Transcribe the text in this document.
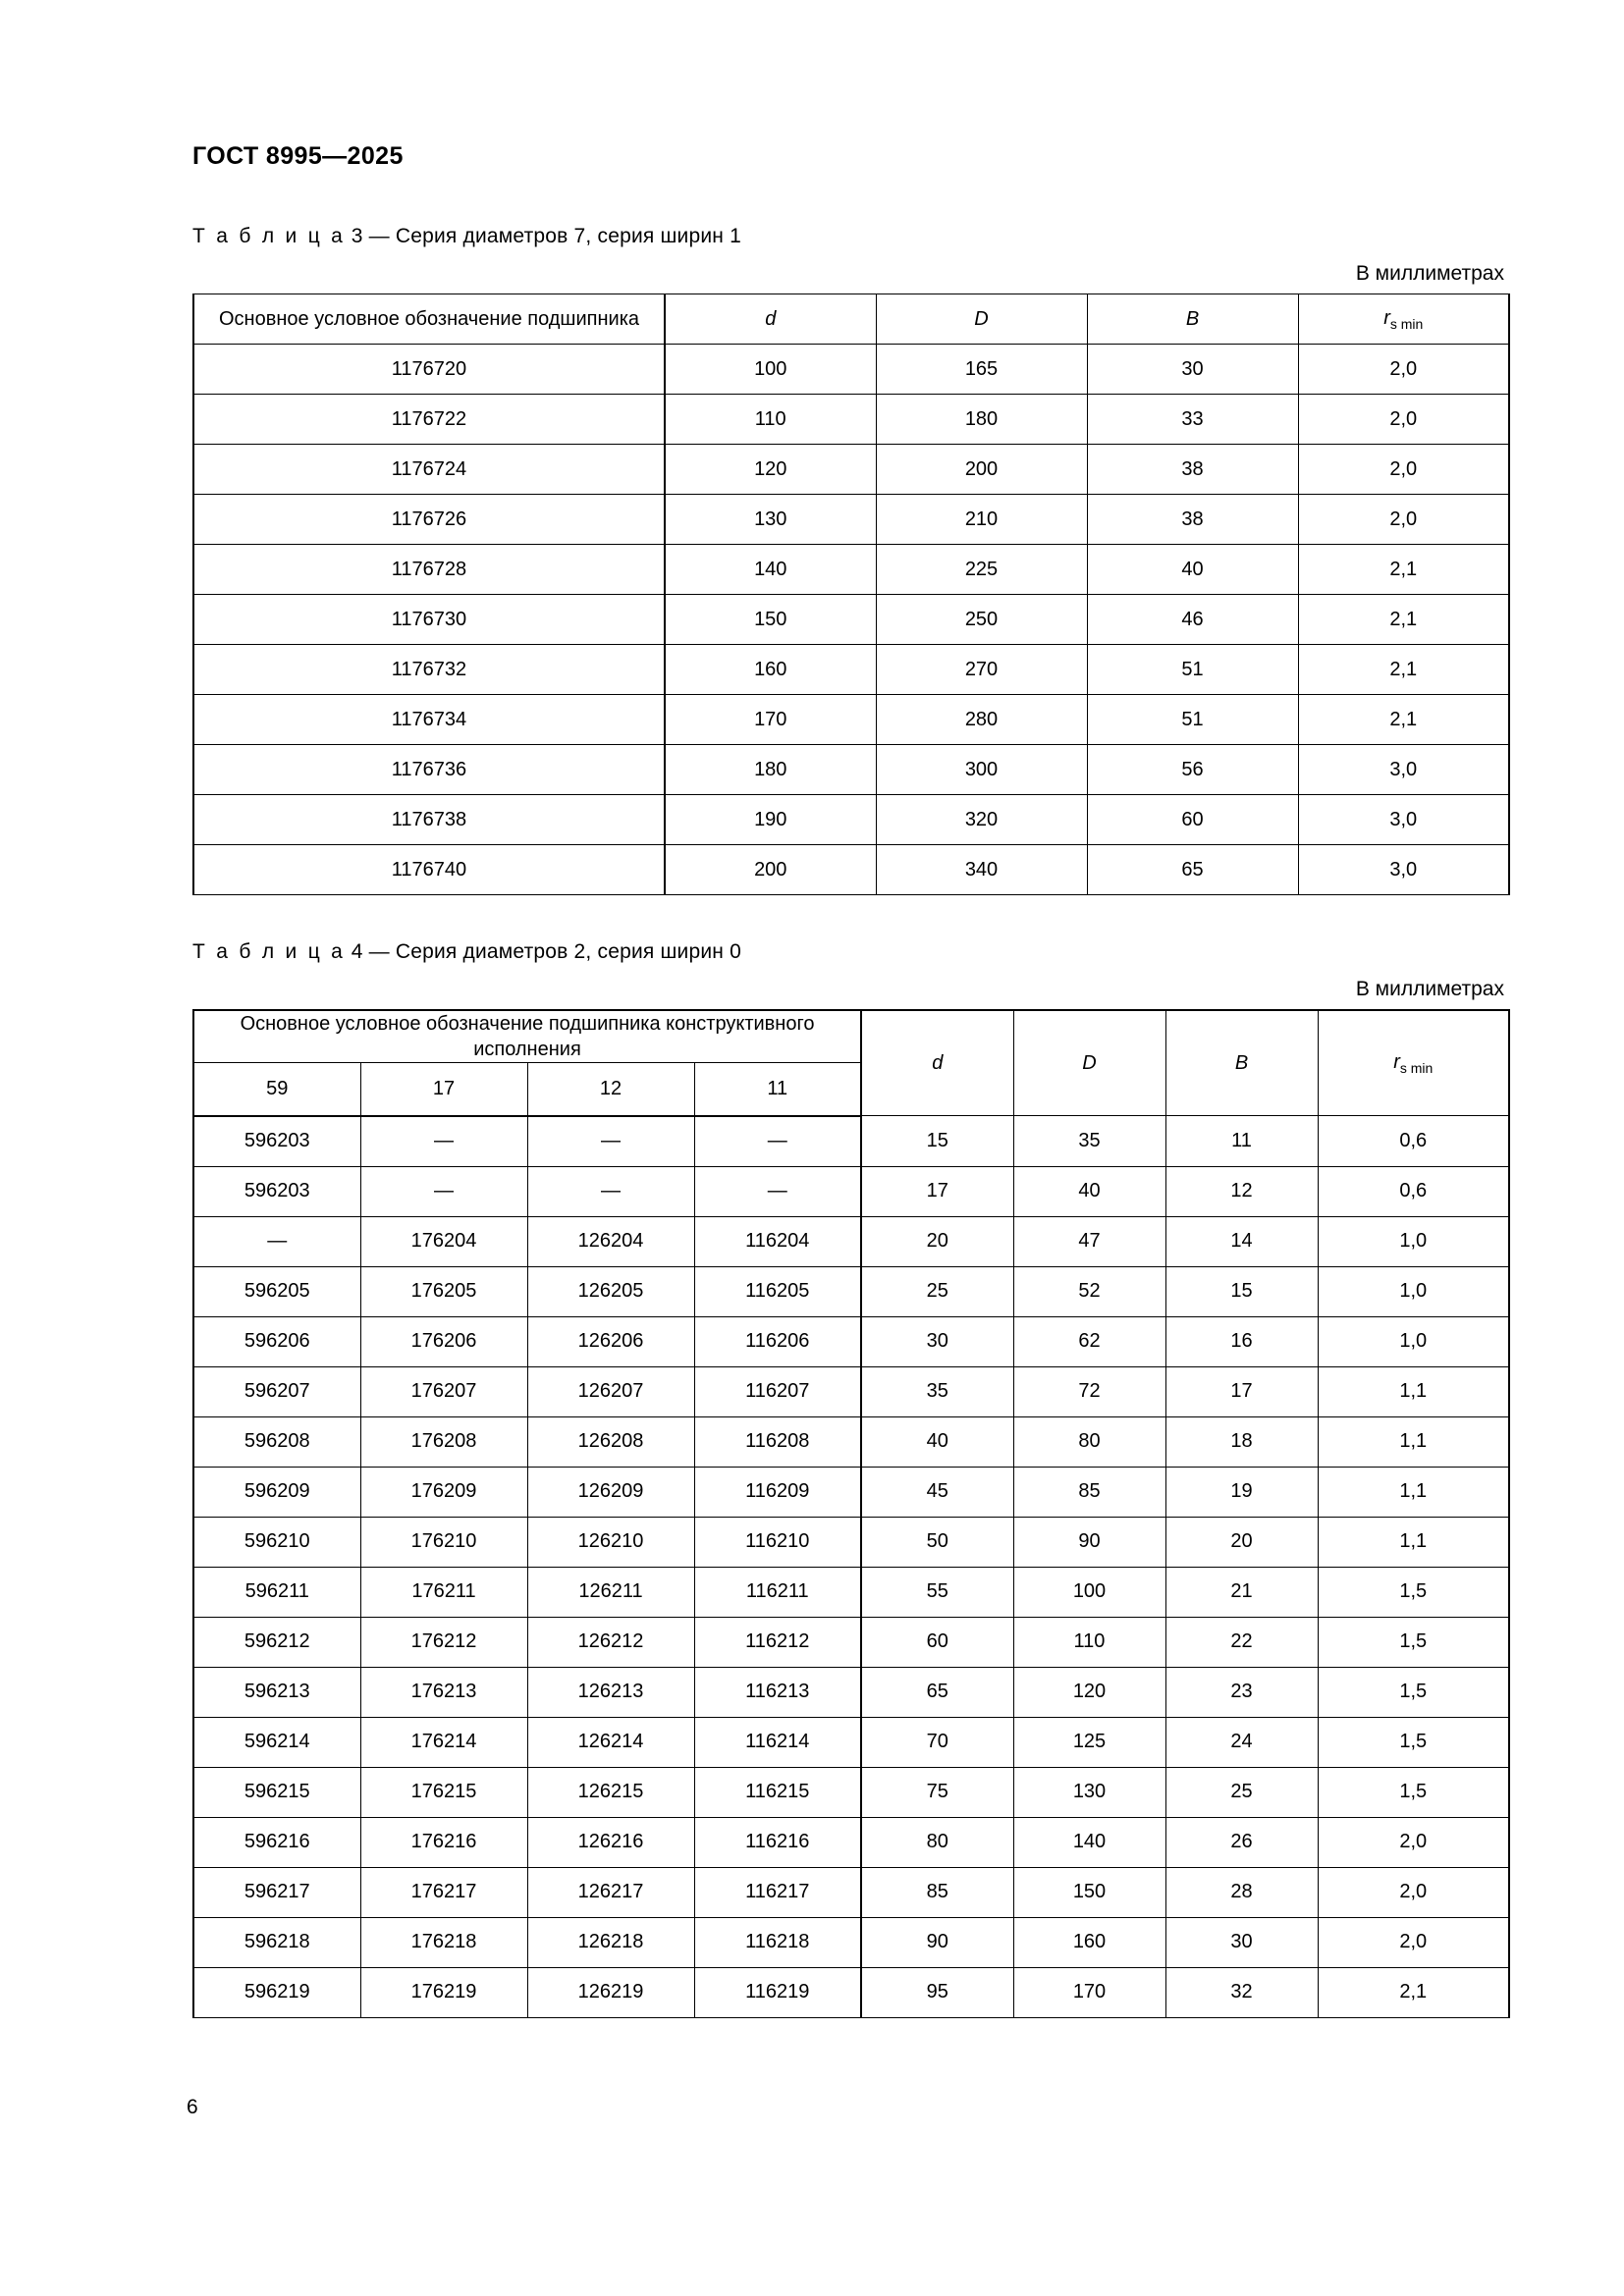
ГОСТ 8995—2025
Т а б л и ц а 3 — Серия диаметров 7, серия ширин 1
В миллиметрах
Основное условное обозначение подшипника	d	D	B	$r_{s min}$
1176720	100	165	30	2,0
1176722	110	180	33	2,0
1176724	120	200	38	2,0
1176726	130	210	38	2,0
1176728	140	225	40	2,1
1176730	150	250	46	2,1
1176732	160	270	51	2,1
1176734	170	280	51	2,1
1176736	180	300	56	3,0
1176738	190	320	60	3,0
1176740	200	340	65	3,0
Т а б л и ц а 4 — Серия диаметров 2, серия ширин 0
В миллиметрах
Основное условное обозначение подшипника конструктивного исполнения				d	D	B	$r_{s min}$
59	17	12	11				
596203	—	—	—	15	35	11	0,6
596203	—	—	—	17	40	12	0,6
—	176204	126204	116204	20	47	14	1,0
596205	176205	126205	116205	25	52	15	1,0
596206	176206	126206	116206	30	62	16	1,0
596207	176207	126207	116207	35	72	17	1,1
596208	176208	126208	116208	40	80	18	1,1
596209	176209	126209	116209	45	85	19	1,1
596210	176210	126210	116210	50	90	20	1,1
596211	176211	126211	116211	55	100	21	1,5
596212	176212	126212	116212	60	110	22	1,5
596213	176213	126213	116213	65	120	23	1,5
596214	176214	126214	116214	70	125	24	1,5
596215	176215	126215	116215	75	130	25	1,5
596216	176216	126216	116216	80	140	26	2,0
596217	176217	126217	116217	85	150	28	2,0
596218	176218	126218	116218	90	160	30	2,0
596219	176219	126219	116219	95	170	32	2,1
6
